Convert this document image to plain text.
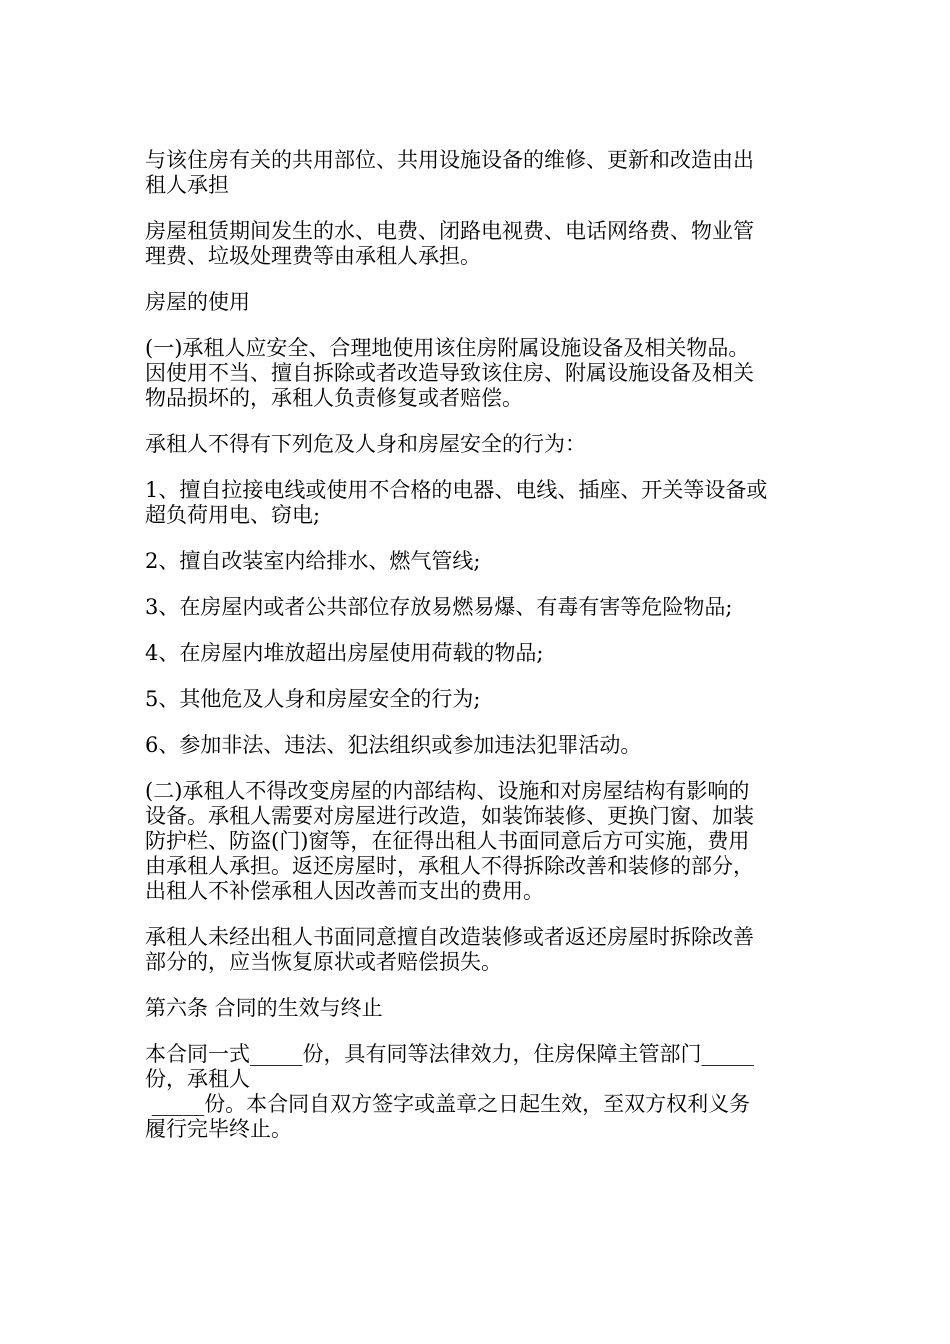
与该住房有关的共用部位、共用设施设备的维修、更新和改造由出
租人承担

房屋租赁期间发生的水、电费、闭路电视费、电话网络费、物业管
理费、垃圾处理费等由承租人承担。

房屋的使用

(一)承租人应安全、合理地使用该住房附属设施设备及相关物品。
因使用不当、擅自拆除或者改造导致该住房、附属设施设备及相关
物品损坏的，承租人负责修复或者赔偿。

承租人不得有下列危及人身和房屋安全的行为：

1、擅自拉接电线或使用不合格的电器、电线、插座、开关等设备或
超负荷用电、窃电;

2、擅自改装室内给排水、燃气管线;

3、在房屋内或者公共部位存放易燃易爆、有毒有害等危险物品;

4、在房屋内堆放超出房屋使用荷载的物品;

5、其他危及人身和房屋安全的行为;

6、参加非法、违法、犯法组织或参加违法犯罪活动。

(二)承租人不得改变房屋的内部结构、设施和对房屋结构有影响的
设备。承租人需要对房屋进行改造，如装饰装修、更换门窗、加装
防护栏、防盗(门)窗等，在征得出租人书面同意后方可实施，费用
由承租人承担。返还房屋时，承租人不得拆除改善和装修的部分，
出租人不补偿承租人因改善而支出的费用。

承租人未经出租人书面同意擅自改造装修或者返还房屋时拆除改善
部分的，应当恢复原状或者赔偿损失。

第六条 合同的生效与终止

本合同一式_____份，具有同等法律效力，住房保障主管部门_____
份，承租人
_____份。本合同自双方签字或盖章之日起生效，至双方权利义务
履行完毕终止。
